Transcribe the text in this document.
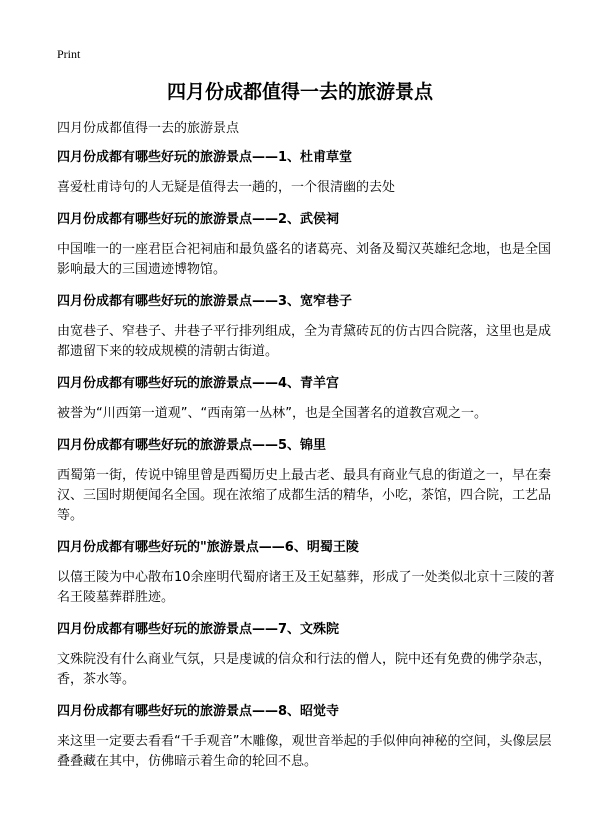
Print
四月份成都值得一去的旅游景点

四月份成都值得一去的旅游景点

四月份成都有哪些好玩的旅游景点——1、杜甫草堂

喜爱杜甫诗句的人无疑是值得去一趟的，一个很清幽的去处

四月份成都有哪些好玩的旅游景点——2、武侯祠

中国唯一的一座君臣合祀祠庙和最负盛名的诸葛亮、刘备及蜀汉英雄纪念地，也是全国影响最大的三国遗迹博物馆。

四月份成都有哪些好玩的旅游景点——3、宽窄巷子

由宽巷子、窄巷子、井巷子平行排列组成，全为青黛砖瓦的仿古四合院落，这里也是成都遗留下来的较成规模的清朝古街道。

四月份成都有哪些好玩的旅游景点——4、青羊宫

被誉为“川西第一道观”、“西南第一丛林”，也是全国著名的道教宫观之一。

四月份成都有哪些好玩的旅游景点——5、锦里

西蜀第一街，传说中锦里曾是西蜀历史上最古老、最具有商业气息的街道之一，早在秦汉、三国时期便闻名全国。现在浓缩了成都生活的精华，小吃，茶馆，四合院，工艺品等。

四月份成都有哪些好玩的"旅游景点——6、明蜀王陵

以僖王陵为中心散布10余座明代蜀府诸王及王妃墓葬，形成了一处类似北京十三陵的著名王陵墓葬群胜迹。

四月份成都有哪些好玩的旅游景点——7、文殊院

文殊院没有什么商业气氛，只是虔诚的信众和行法的僧人，院中还有免费的佛学杂志，香，茶水等。

四月份成都有哪些好玩的旅游景点——8、昭觉寺

来这里一定要去看看“千手观音”木雕像，观世音举起的手似伸向神秘的空间，头像层层叠叠藏在其中，仿佛暗示着生命的轮回不息。
